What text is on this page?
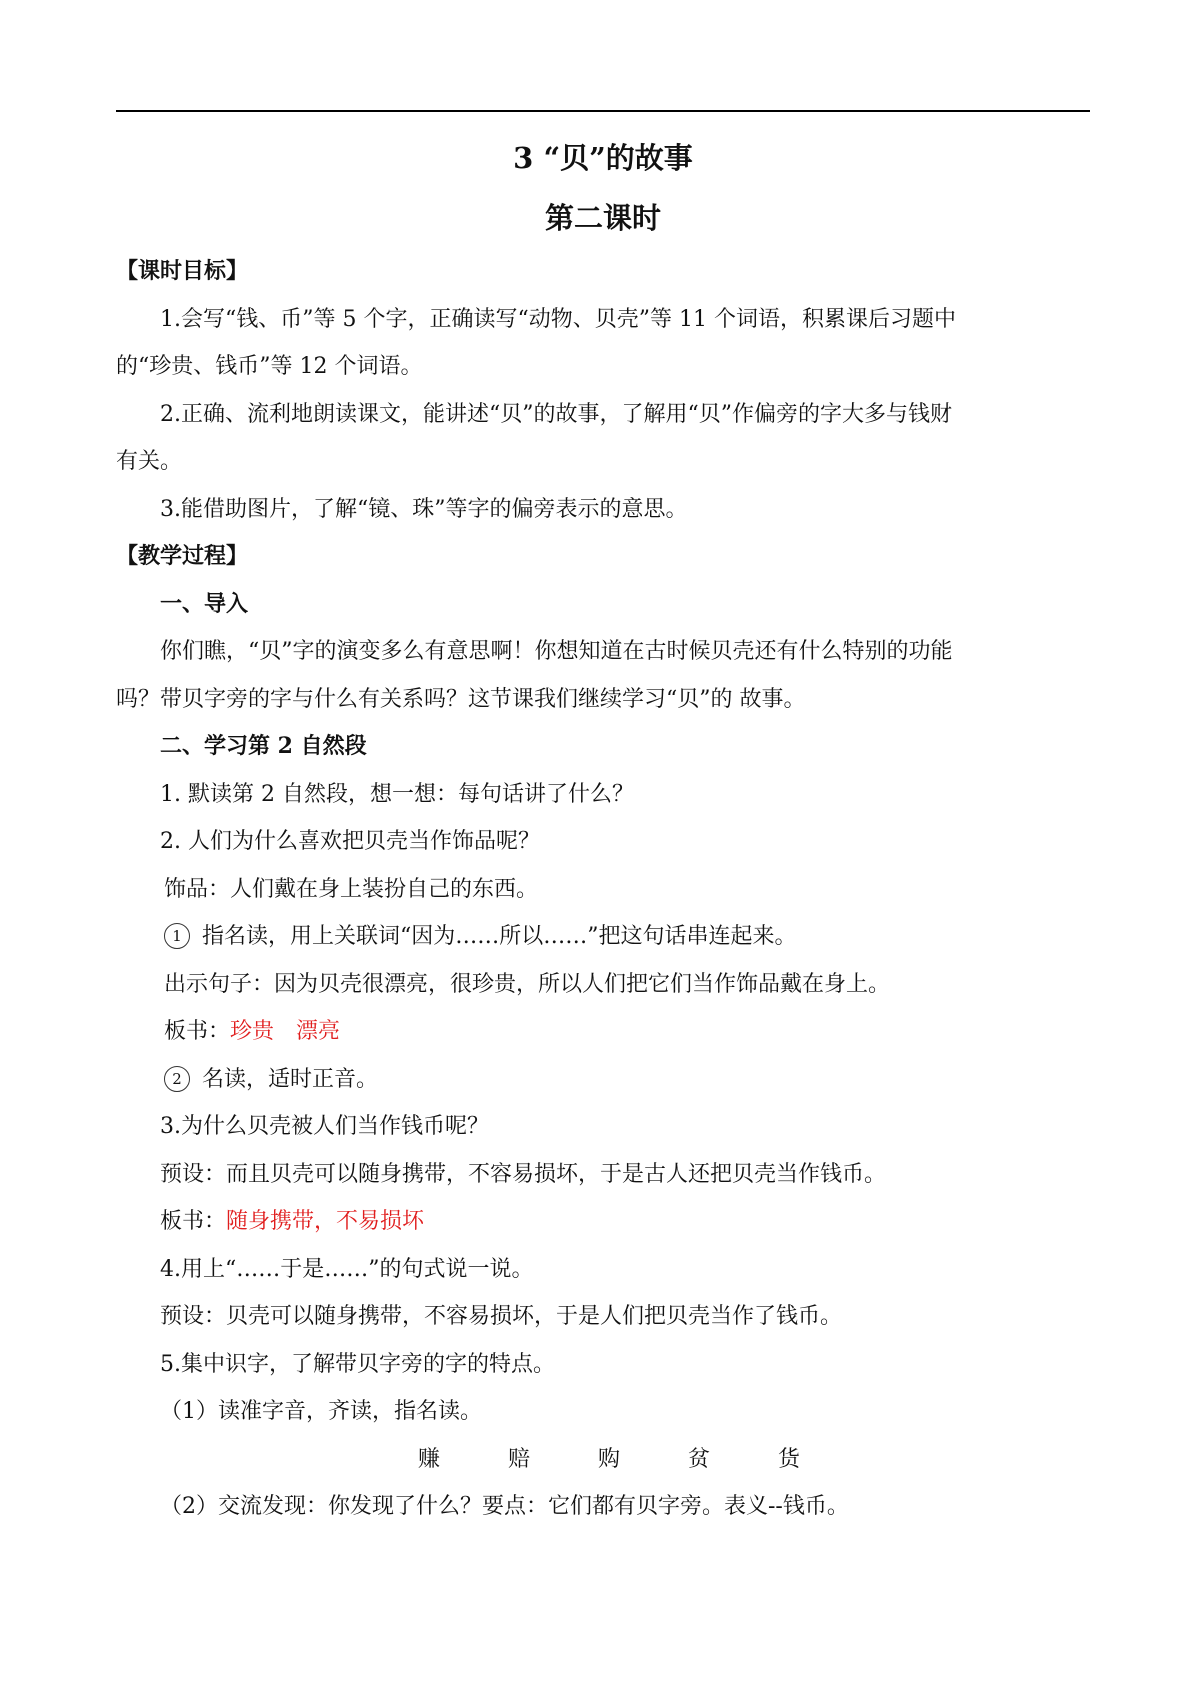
3 “贝”的故事
第二课时

【课时目标】

1.会写“钱、币”等 5 个字，正确读写“动物、贝壳”等 11 个词语，积累课后习题中

的“珍贵、钱币”等 12 个词语。

2.正确、流利地朗读课文，能讲述“贝”的故事，了解用“贝”作偏旁的字大多与钱财

有关。

3.能借助图片，了解“镜、珠”等字的偏旁表示的意思。

【教学过程】

一、导入

你们瞧，“贝”字的演变多么有意思啊！你想知道在古时候贝壳还有什么特别的功能

吗？带贝字旁的字与什么有关系吗？这节课我们继续学习“贝”的 故事。

二、学习第 2 自然段

1. 默读第 2 自然段，想一想：每句话讲了什么？

2. 人们为什么喜欢把贝壳当作饰品呢？

饰品：人们戴在身上装扮自己的东西。

1 指名读，用上关联词“因为……所以……”把这句话串连起来。

出示句子：因为贝壳很漂亮，很珍贵，所以人们把它们当作饰品戴在身上。

板书：珍贵　漂亮

2 名读，适时正音。

3.为什么贝壳被人们当作钱币呢？

预设：而且贝壳可以随身携带，不容易损坏，于是古人还把贝壳当作钱币。

板书：随身携带，不易损坏

4.用上“……于是……”的句式说一说。

预设：贝壳可以随身携带，不容易损坏，于是人们把贝壳当作了钱币。

5.集中识字，了解带贝字旁的字的特点。

（1）读准字音，齐读，指名读。

赚	赔	购	贫	货

（2）交流发现：你发现了什么？要点：它们都有贝字旁。表义--钱币。
